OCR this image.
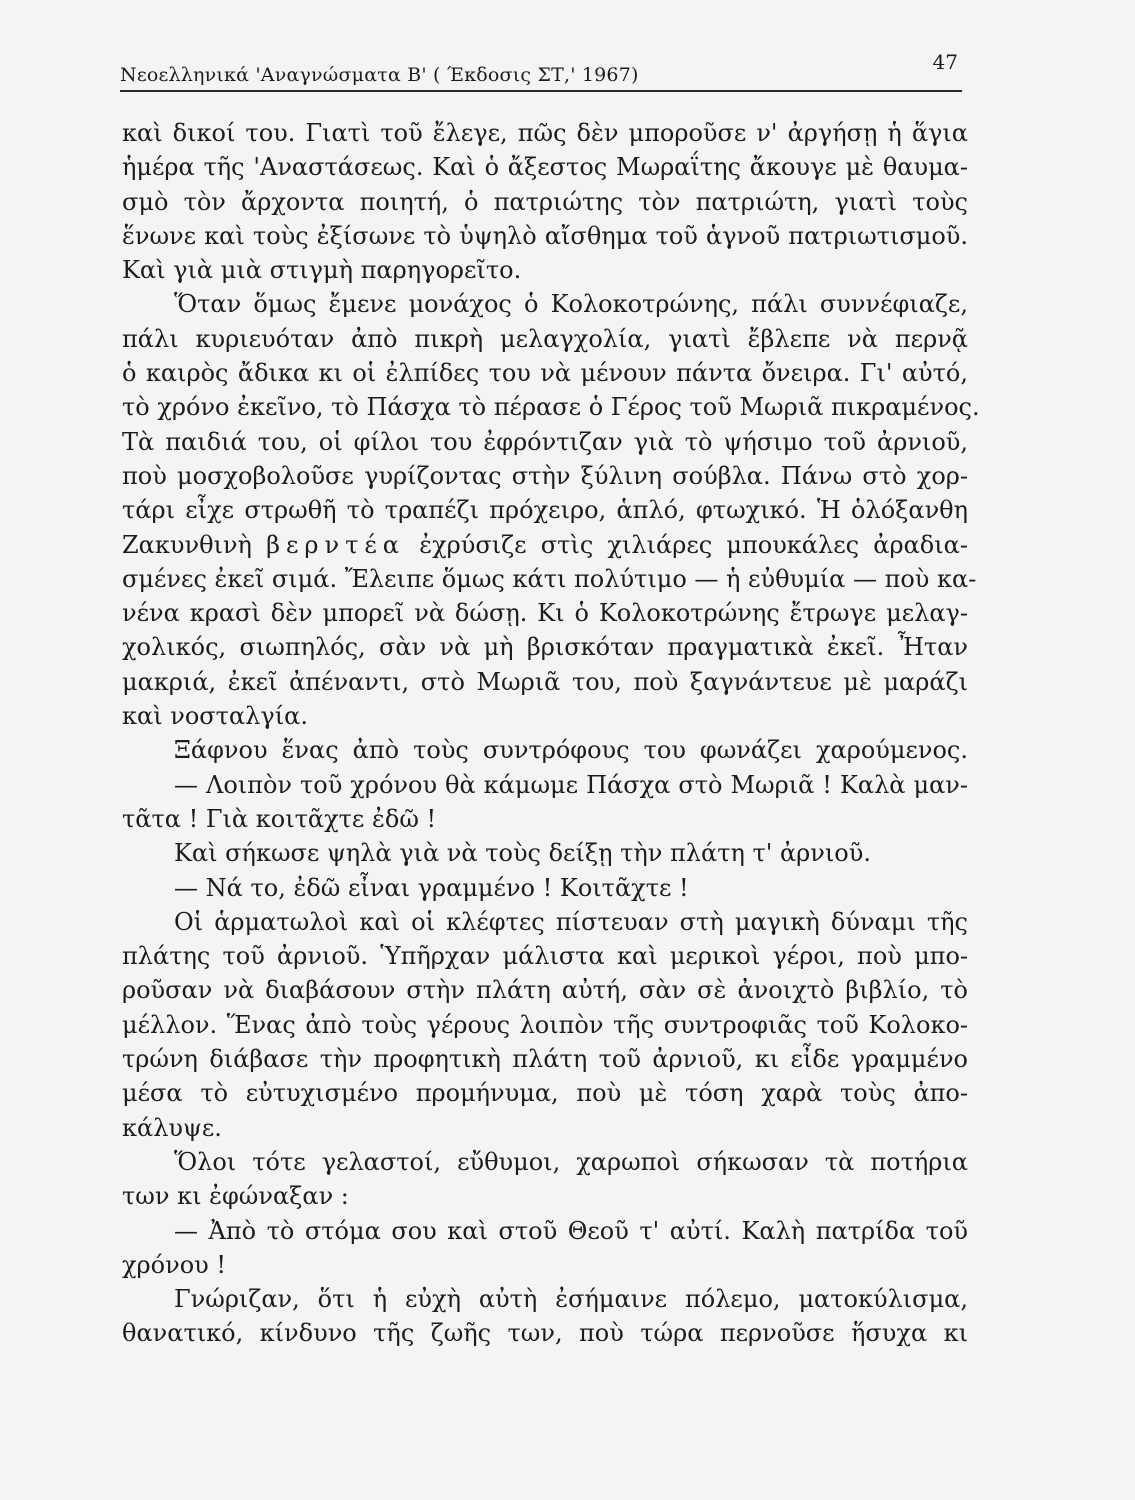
Νεοελληνικά 'Αναγνώσματα Β' ( Έκδοσις ΣΤ,' 1967)
47
καὶ δικοί του. Γιατὶ τοῦ ἔλεγε, πῶς δὲν μποροῦσε ν' ἀργήσῃ ἡ ἅγια
ἡμέρα τῆς 'Αναστάσεως. Καὶ ὁ ἄξεστος Μωραΐτης ἄκουγε μὲ θαυμα-
σμὸ τὸν ἄρχοντα ποιητή, ὁ πατριώτης τὸν πατριώτη, γιατὶ τοὺς
ἕνωνε καὶ τοὺς ἐξίσωνε τὸ ὑψηλὸ αἴσθημα τοῦ ἁγνοῦ πατριωτισμοῦ.
Καὶ γιὰ μιὰ στιγμὴ παρηγορεῖτο.
Ὅταν ὅμως ἔμενε μονάχος ὁ Κολοκοτρώνης, πάλι συννέφιαζε,
πάλι κυριευόταν ἀπὸ πικρὴ μελαγχολία, γιατὶ ἔβλεπε νὰ περνᾷ
ὁ καιρὸς ἄδικα κι οἱ ἐλπίδες του νὰ μένουν πάντα ὄνειρα. Γι' αὐτό,
τὸ χρόνο ἐκεῖνο, τὸ Πάσχα τὸ πέρασε ὁ Γέρος τοῦ Μωριᾶ πικραμένος.
Τὰ παιδιά του, οἱ φίλοι του ἐφρόντιζαν γιὰ τὸ ψήσιμο τοῦ ἀρνιοῦ,
ποὺ μοσχοβολοῦσε γυρίζοντας στὴν ξύλινη σούβλα. Πάνω στὸ χορ-
τάρι εἶχε στρωθῆ τὸ τραπέζι πρόχειρο, ἁπλό, φτωχικό. Ἡ ὁλόξανθη
Ζακυνθινὴ βερντέα ἐχρύσιζε στὶς χιλιάρες μπουκάλες ἀραδια-
σμένες ἐκεῖ σιμά. Ἔλειπε ὅμως κάτι πολύτιμο — ἡ εὐθυμία — ποὺ κα-
νένα κρασὶ δὲν μπορεῖ νὰ δώσῃ. Κι ὁ Κολοκοτρώνης ἔτρωγε μελαγ-
χολικός, σιωπηλός, σὰν νὰ μὴ βρισκόταν πραγματικὰ ἐκεῖ. Ἦταν
μακριά, ἐκεῖ ἀπέναντι, στὸ Μωριᾶ του, ποὺ ξαγνάντευε μὲ μαράζι
καὶ νοσταλγία.
Ξάφνου ἕνας ἀπὸ τοὺς συντρόφους του φωνάζει χαρούμενος.
— Λοιπὸν τοῦ χρόνου θὰ κάμωμε Πάσχα στὸ Μωριᾶ ! Καλὰ μαν-
τᾶτα ! Γιὰ κοιτᾶχτε ἐδῶ !
Καὶ σήκωσε ψηλὰ γιὰ νὰ τοὺς δείξῃ τὴν πλάτη τ' ἀρνιοῦ.
— Νά το, ἐδῶ εἶναι γραμμένο ! Κοιτᾶχτε !
Οἱ ἁρματωλοὶ καὶ οἱ κλέφτες πίστευαν στὴ μαγικὴ δύναμι τῆς
πλάτης τοῦ ἀρνιοῦ. Ὑπῆρχαν μάλιστα καὶ μερικοὶ γέροι, ποὺ μπο-
ροῦσαν νὰ διαβάσουν στὴν πλάτη αὐτή, σὰν σὲ ἀνοιχτὸ βιβλίο, τὸ
μέλλον. Ἕνας ἀπὸ τοὺς γέρους λοιπὸν τῆς συντροφιᾶς τοῦ Κολοκο-
τρώνη διάβασε τὴν προφητικὴ πλάτη τοῦ ἀρνιοῦ, κι εἶδε γραμμένο
μέσα τὸ εὐτυχισμένο προμήνυμα, ποὺ μὲ τόση χαρὰ τοὺς ἀπο-
κάλυψε.
Ὅλοι τότε γελαστοί, εὔθυμοι, χαρωποὶ σήκωσαν τὰ ποτήρια
των κι ἐφώναξαν :
— Ἀπὸ τὸ στόμα σου καὶ στοῦ Θεοῦ τ' αὐτί. Καλὴ πατρίδα τοῦ
χρόνου !
Γνώριζαν, ὅτι ἡ εὐχὴ αὐτὴ ἐσήμαινε πόλεμο, ματοκύλισμα,
θανατικό, κίνδυνο τῆς ζωῆς των, ποὺ τώρα περνοῦσε ἥσυχα κι
